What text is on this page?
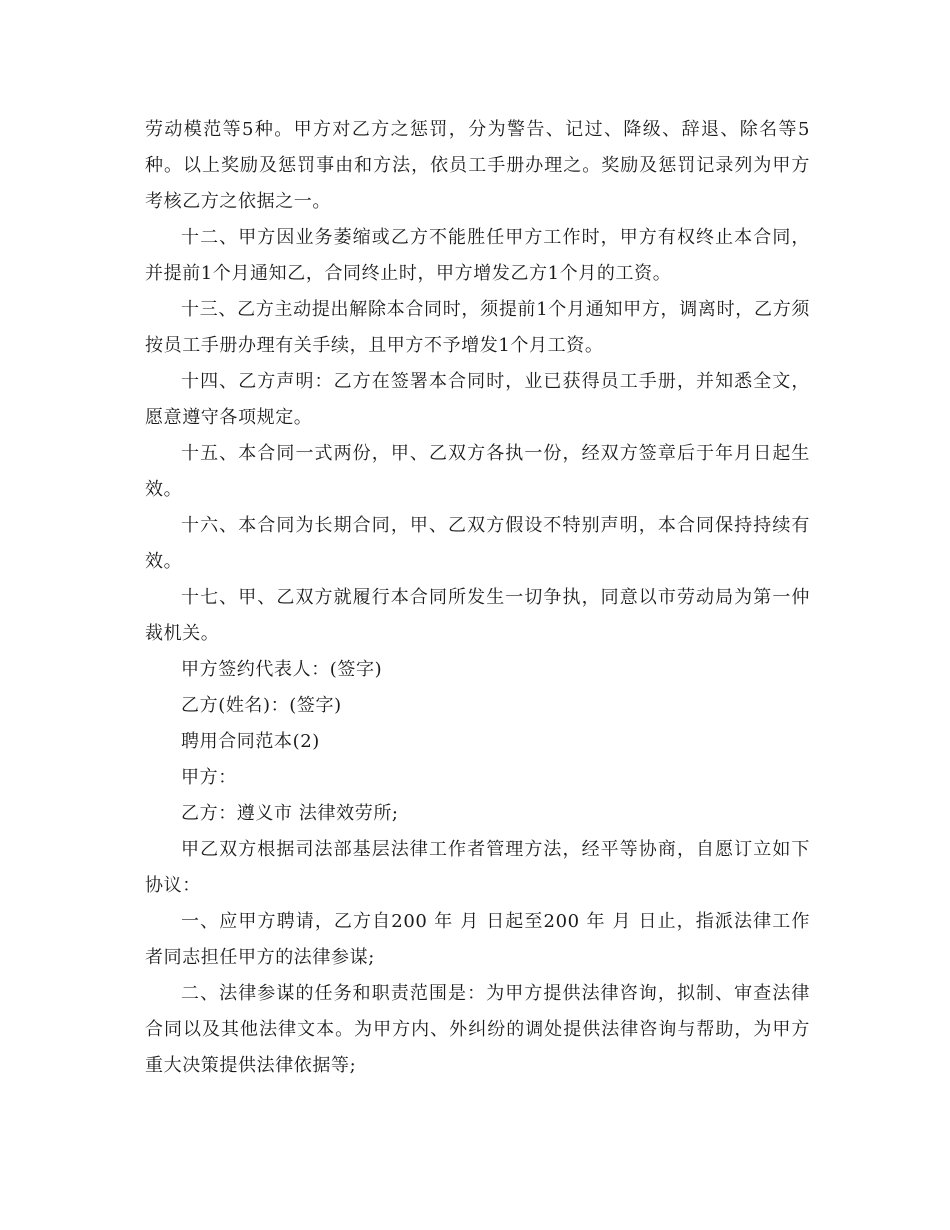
劳动模范等5种。甲方对乙方之惩罚，分为警告、记过、降级、辞退、除名等5种。以上奖励及惩罚事由和方法，依员工手册办理之。奖励及惩罚记录列为甲方考核乙方之依据之一。

十二、甲方因业务萎缩或乙方不能胜任甲方工作时，甲方有权终止本合同，并提前1个月通知乙，合同终止时，甲方增发乙方1个月的工资。

十三、乙方主动提出解除本合同时，须提前1个月通知甲方，调离时，乙方须按员工手册办理有关手续，且甲方不予增发1个月工资。

十四、乙方声明：乙方在签署本合同时，业已获得员工手册，并知悉全文，愿意遵守各项规定。

十五、本合同一式两份，甲、乙双方各执一份，经双方签章后于年月日起生效。

十六、本合同为长期合同，甲、乙双方假设不特别声明，本合同保持持续有效。

十七、甲、乙双方就履行本合同所发生一切争执，同意以市劳动局为第一仲裁机关。

甲方签约代表人：(签字)

乙方(姓名)：(签字)

聘用合同范本(2)

甲方：

乙方：遵义市 法律效劳所;

甲乙双方根据司法部基层法律工作者管理方法，经平等协商，自愿订立如下协议：

一、应甲方聘请，乙方自200 年 月 日起至200 年 月 日止，指派法律工作者同志担任甲方的法律参谋;

二、法律参谋的任务和职责范围是：为甲方提供法律咨询，拟制、审查法律合同以及其他法律文本。为甲方内、外纠纷的调处提供法律咨询与帮助，为甲方重大决策提供法律依据等;
